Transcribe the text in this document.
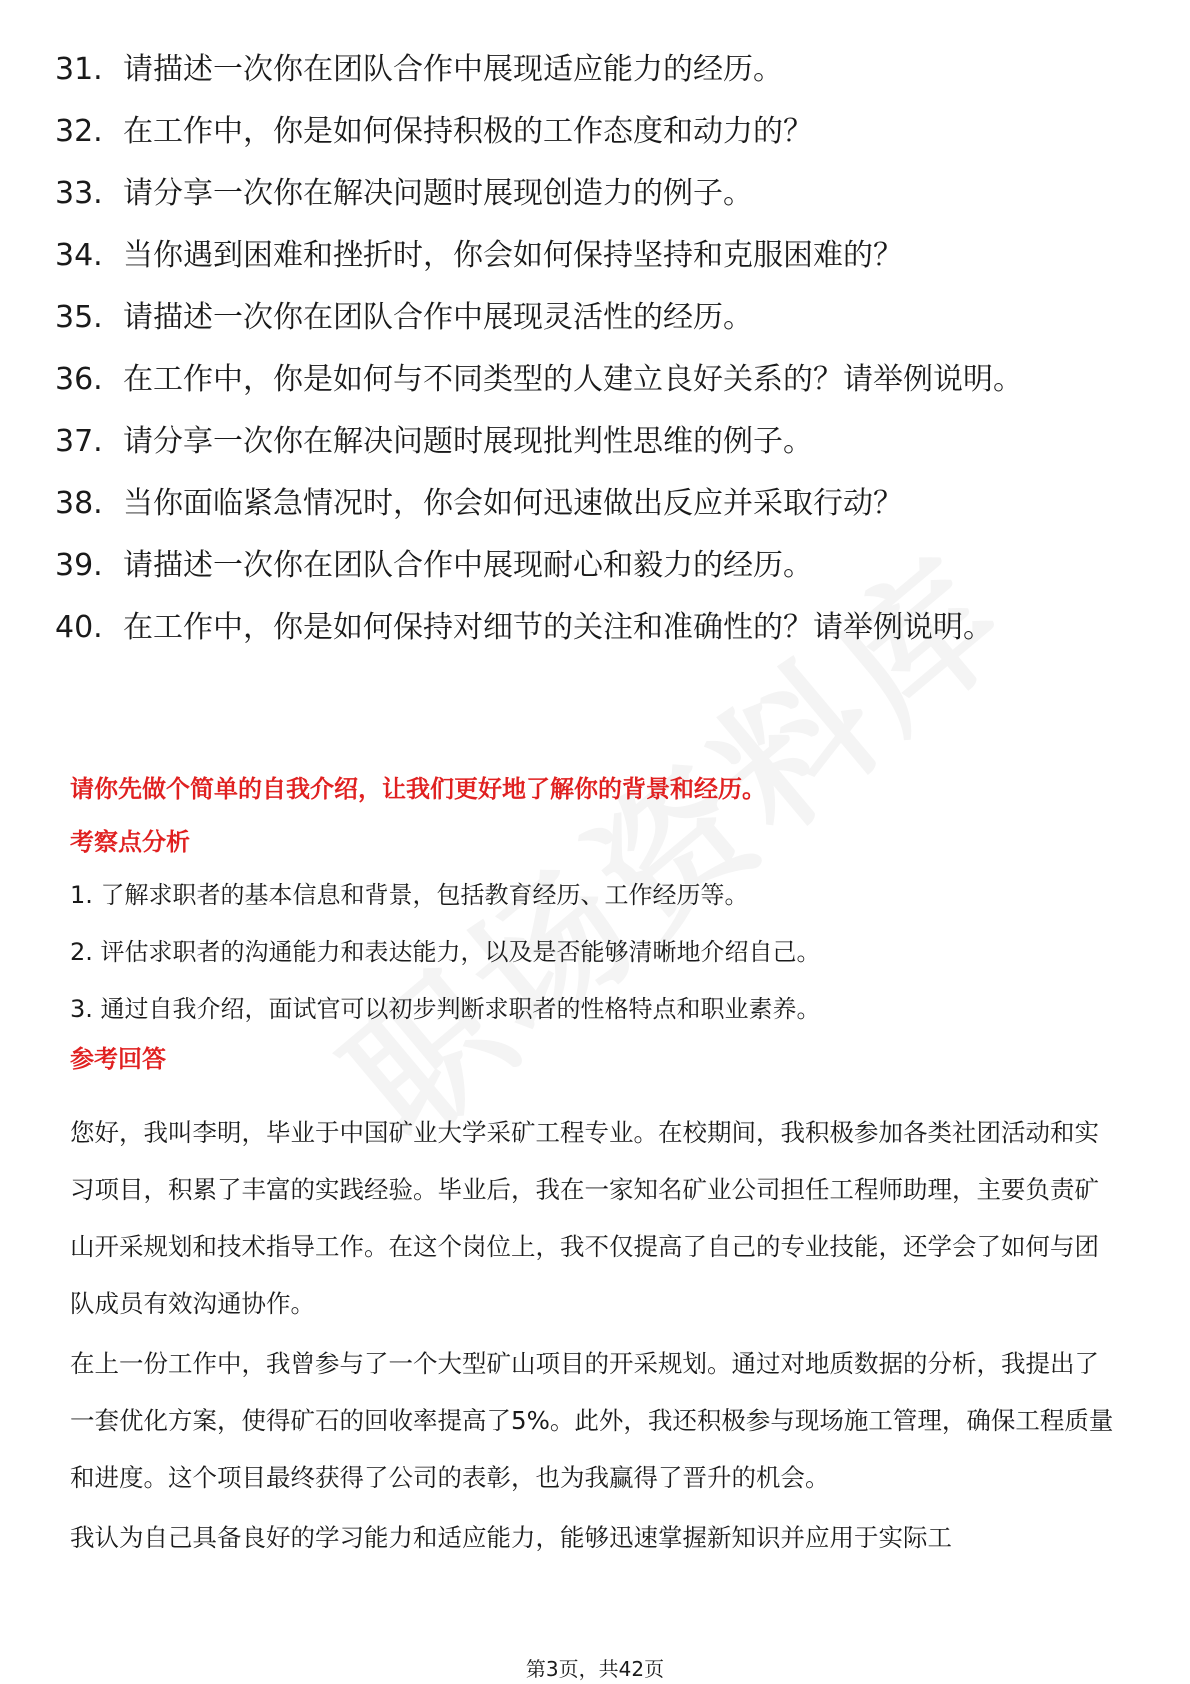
31. 请描述一次你在团队合作中展现适应能力的经历。
32. 在工作中，你是如何保持积极的工作态度和动力的？
33. 请分享一次你在解决问题时展现创造力的例子。
34. 当你遇到困难和挫折时，你会如何保持坚持和克服困难的？
35. 请描述一次你在团队合作中展现灵活性的经历。
36. 在工作中，你是如何与不同类型的人建立良好关系的？请举例说明。
37. 请分享一次你在解决问题时展现批判性思维的例子。
38. 当你面临紧急情况时，你会如何迅速做出反应并采取行动？
39. 请描述一次你在团队合作中展现耐心和毅力的经历。
40. 在工作中，你是如何保持对细节的关注和准确性的？请举例说明。
请你先做个简单的自我介绍，让我们更好地了解你的背景和经历。
考察点分析
1. 了解求职者的基本信息和背景，包括教育经历、工作经历等。
2. 评估求职者的沟通能力和表达能力，以及是否能够清晰地介绍自己。
3. 通过自我介绍，面试官可以初步判断求职者的性格特点和职业素养。
参考回答

您好，我叫李明，毕业于中国矿业大学采矿工程专业。在校期间，我积极参加各类社团活动和实习项目，积累了丰富的实践经验。毕业后，我在一家知名矿业公司担任工程师助理，主要负责矿山开采规划和技术指导工作。在这个岗位上，我不仅提高了自己的专业技能，还学会了如何与团队成员有效沟通协作。

在上一份工作中，我曾参与了一个大型矿山项目的开采规划。通过对地质数据的分析，我提出了一套优化方案，使得矿石的回收率提高了5%。此外，我还积极参与现场施工管理，确保工程质量和进度。这个项目最终获得了公司的表彰，也为我赢得了晋升的机会。

我认为自己具备良好的学习能力和适应能力，能够迅速掌握新知识并应用于实际工

第3页，共42页
